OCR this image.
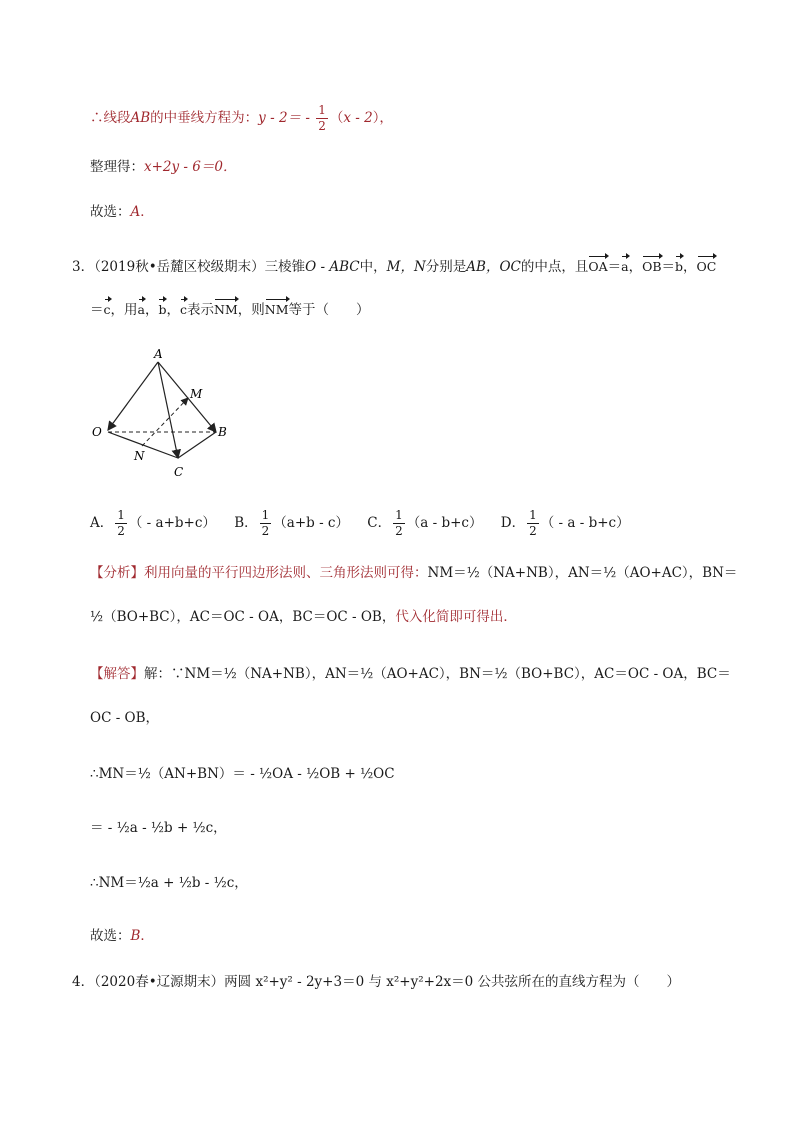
∴线段AB的中垂线方程为：$y - 2= - \frac{1}{2} (x - 2)$，
整理得：x+2y - 6＝0．
故选：A．
3．（2019秋•岳麓区校级期末）三棱锥O - ABC中，M，N分别是AB，OC的中点，且OA＝a，OB＝b，OC
＝c，用a，b，c表示NM，则NM等于（　　）
A
M
O	B
N
C
A． $\frac{1}{2}$ （ - a+b+c） B． $\frac{1}{2} (a+b - c)$ C． $\frac{1}{2} (a - b+c)$ D． $\frac{1}{2}$ （ - a - b+c）
【分析】利用向量的平行四边形法则、三角形法则可得：NM＝½（NA+NB），AN＝½（AO+AC），BN＝
½（BO+BC），AC＝OC - OA，BC＝OC - OB，代入化简即可得出．
【解答】解：∵NM＝½（NA+NB），AN＝½（AO+AC），BN＝½（BO+BC），AC＝OC - OA，BC＝
OC - OB，
∴MN＝½（AN+BN）＝ - ½OA - ½OB + ½OC
＝ - ½a - ½b + ½c，
∴NM＝½a + ½b - ½c，
故选：B．
4．（2020春•辽源期末）两圆 x²+y² - 2y+3＝0 与 x²+y²+2x＝0 公共弦所在的直线方程为（　　）
